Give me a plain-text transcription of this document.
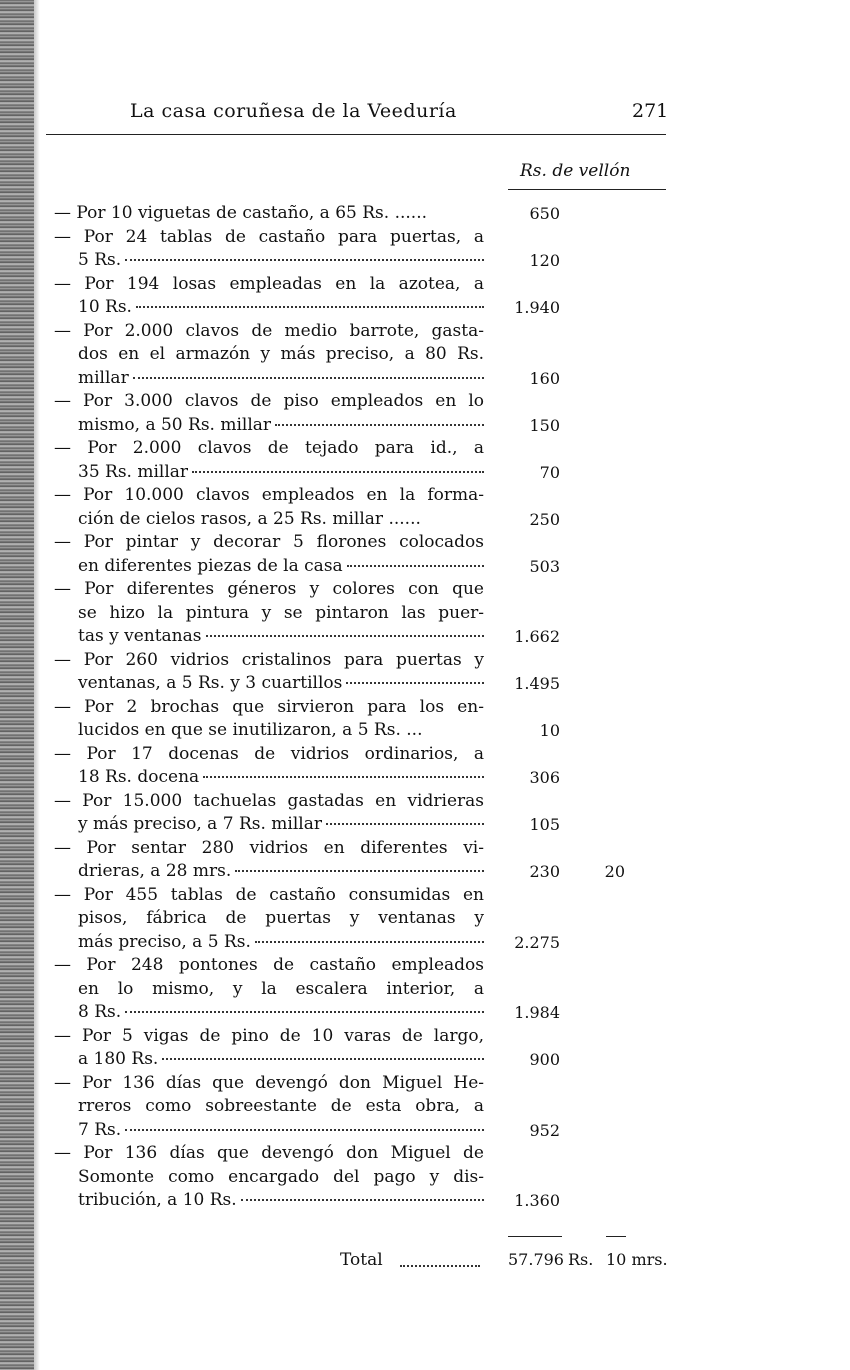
La casa coruñesa de la Veeduría	271
Rs. de vellón
— Por 10 viguetas de castaño, a 65 Rs. ......	650
— Por 24 tablas de castaño para puertas, a
5 Rs.	120
— Por 194 losas empleadas en la azotea, a
10 Rs.	1.940
— Por 2.000 clavos de medio barrote, gasta-
dos en el armazón y más preciso, a 80 Rs.
millar	160
— Por 3.000 clavos de piso empleados en lo
mismo, a 50 Rs. millar	150
— Por 2.000 clavos de tejado para id., a
35 Rs. millar	70
— Por 10.000 clavos empleados en la forma-
ción de cielos rasos, a 25 Rs. millar ......	250
— Por pintar y decorar 5 florones colocados
en diferentes piezas de la casa	503
— Por diferentes géneros y colores con que
se hizo la pintura y se pintaron las puer-
tas y ventanas	1.662
— Por 260 vidrios cristalinos para puertas y
ventanas, a 5 Rs. y 3 cuartillos	1.495
— Por 2 brochas que sirvieron para los en-
lucidos en que se inutilizaron, a 5 Rs. ...	10
— Por 17 docenas de vidrios ordinarios, a
18 Rs. docena	306
— Por 15.000 tachuelas gastadas en vidrieras
y más preciso, a 7 Rs. millar	105
— Por sentar 280 vidrios en diferentes vi-
drieras, a 28 mrs.	230	20
— Por 455 tablas de castaño consumidas en
pisos, fábrica de puertas y ventanas y
más preciso, a 5 Rs.	2.275
— Por 248 pontones de castaño empleados
en lo mismo, y la escalera interior, a
8 Rs.	1.984
— Por 5 vigas de pino de 10 varas de largo,
a 180 Rs.	900
— Por 136 días que devengó don Miguel He-
rreros como sobreestante de esta obra, a
7 Rs.	952
— Por 136 días que devengó don Miguel de
Somonte como encargado del pago y dis-
tribución, a 10 Rs.	1.360
Total	57.796 Rs. 10 mrs.
